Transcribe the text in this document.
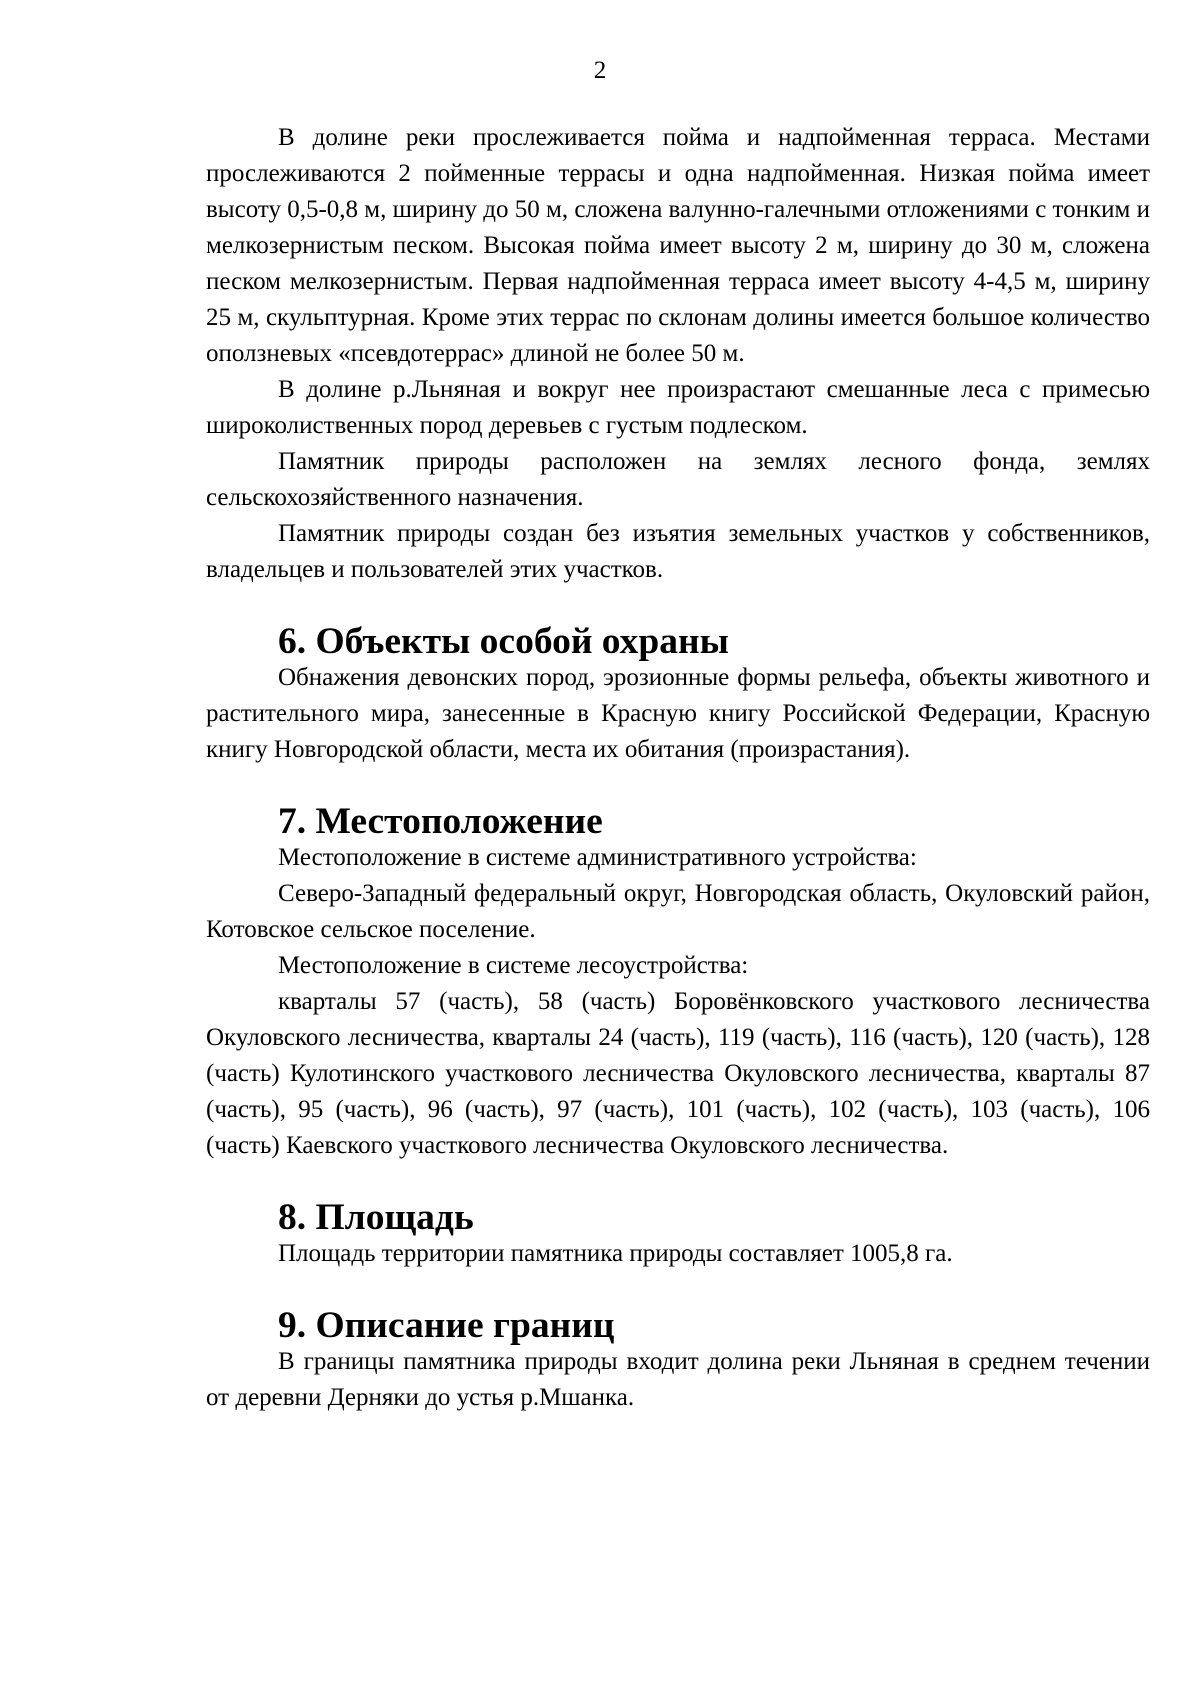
2

В долине реки прослеживается пойма и надпойменная терраса. Местами прослеживаются 2 пойменные террасы и одна надпойменная. Низкая пойма имеет высоту 0,5-0,8 м, ширину до 50 м, сложена валунно-галечными отложениями с тонким и мелкозернистым песком. Высокая пойма имеет высоту 2 м, ширину до 30 м, сложена песком мелкозернистым. Первая надпойменная терраса имеет высоту 4-4,5 м, ширину 25 м, скульптурная. Кроме этих террас по склонам долины имеется большое количество оползневых «псевдотеррас» длиной не более 50 м.

В долине р.Льняная и вокруг нее произрастают смешанные леса с примесью широколиственных пород деревьев с густым подлеском.

Памятник природы расположен на землях лесного фонда, землях сельскохозяйственного назначения.

Памятник природы создан без изъятия земельных участков у собственников, владельцев и пользователей этих участков.

6. Объекты особой охраны

Обнажения девонских пород, эрозионные формы рельефа, объекты животного и растительного мира, занесенные в Красную книгу Российской Федерации, Красную книгу Новгородской области, места их обитания (произрастания).

7. Местоположение

Местоположение в системе административного устройства:

Северо-Западный федеральный округ, Новгородская область, Окуловский район, Котовское сельское поселение.

Местоположение в системе лесоустройства:

кварталы 57 (часть), 58 (часть) Боровёнковского участкового лесничества Окуловского лесничества, кварталы 24 (часть), 119 (часть), 116 (часть), 120 (часть), 128 (часть) Кулотинского участкового лесничества Окуловского лесничества, кварталы 87 (часть), 95 (часть), 96 (часть), 97 (часть), 101 (часть), 102 (часть), 103 (часть), 106 (часть) Каевского участкового лесничества Окуловского лесничества.

8. Площадь

Площадь территории памятника природы составляет 1005,8 га.

9. Описание границ

В границы памятника природы входит долина реки Льняная в среднем течении от деревни Дерняки до устья р.Мшанка.
